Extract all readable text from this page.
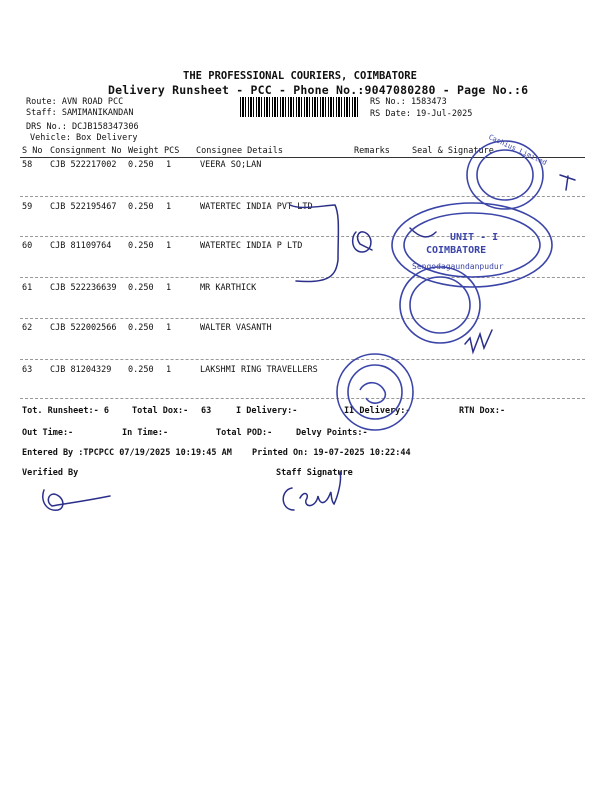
THE PROFESSIONAL COURIERS, COIMBATORE
Delivery Runsheet - PCC - Phone No.:9047080280 - Page No.:6
Route: AVN ROAD PCC
Staff: SAMIMANIKANDAN
DRS No.: DCJB158347306
Vehicle: Box Delivery
RS No.: 1583473
RS Date: 19-Jul-2025
S No Consignment No Weight PCS Consignee Details	Remarks	Seal & Signature
58 CJB 522217002 0.250 1	VEERA SO;LAN
59 CJB 522195467 0.250 1	WATERTEC INDIA PVT LTD
60 CJB 81109764 0.250 1	WATERTEC INDIA P LTD
61 CJB 522236639 0.250 1	MR KARTHICK
62 CJB 522002566 0.250 1	WALTER VASANTH
63 CJB 81204329 0.250 1	LAKSHMI RING TRAVELLERS
Tot. Runsheet:- 6	Total Dox:- 63	I Delivery:-	II Delivery:-	RTN Dox:-
Out Time:-	In Time:-	Total POD:-	Delvy Points:-
Entered By :TPCPCC 07/19/2025 10:19:45 AM Printed On: 19-07-2025 10:22:44
Verified By	Staff Signature
Cashius Limited
UNIT - I
COIMBATORE
Sengodagaundanpudur
